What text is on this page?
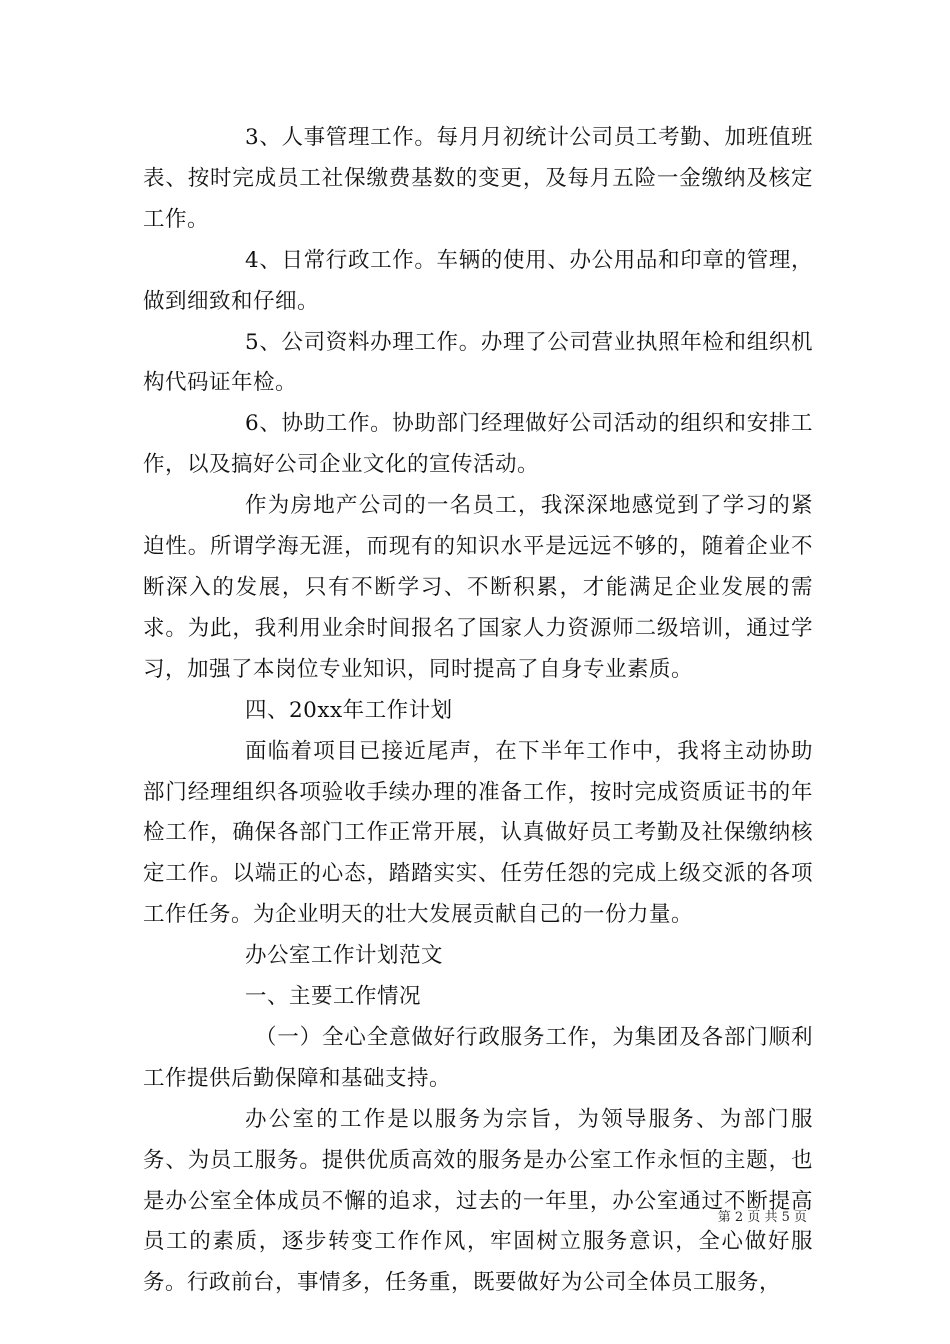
3、人事管理工作。每月月初统计公司员工考勤、加班值班表、按时完成员工社保缴费基数的变更，及每月五险一金缴纳及核定工作。

4、日常行政工作。车辆的使用、办公用品和印章的管理，做到细致和仔细。

5、公司资料办理工作。办理了公司营业执照年检和组织机构代码证年检。

6、协助工作。协助部门经理做好公司活动的组织和安排工作，以及搞好公司企业文化的宣传活动。

作为房地产公司的一名员工，我深深地感觉到了学习的紧迫性。所谓学海无涯，而现有的知识水平是远远不够的，随着企业不断深入的发展，只有不断学习、不断积累，才能满足企业发展的需求。为此，我利用业余时间报名了国家人力资源师二级培训，通过学习，加强了本岗位专业知识，同时提高了自身专业素质。

四、20xx年工作计划

面临着项目已接近尾声，在下半年工作中，我将主动协助部门经理组织各项验收手续办理的准备工作，按时完成资质证书的年检工作，确保各部门工作正常开展，认真做好员工考勤及社保缴纳核定工作。以端正的心态，踏踏实实、任劳任怨的完成上级交派的各项工作任务。为企业明天的壮大发展贡献自己的一份力量。

办公室工作计划范文

一、主要工作情况

（一）全心全意做好行政服务工作，为集团及各部门顺利工作提供后勤保障和基础支持。

办公室的工作是以服务为宗旨，为领导服务、为部门服务、为员工服务。提供优质高效的服务是办公室工作永恒的主题，也是办公室全体成员不懈的追求，过去的一年里，办公室通过不断提高员工的素质，逐步转变工作作风，牢固树立服务意识，全心做好服务。行政前台，事情多，任务重，既要做好为公司全体员工服务，

第 2 页 共 5 页
